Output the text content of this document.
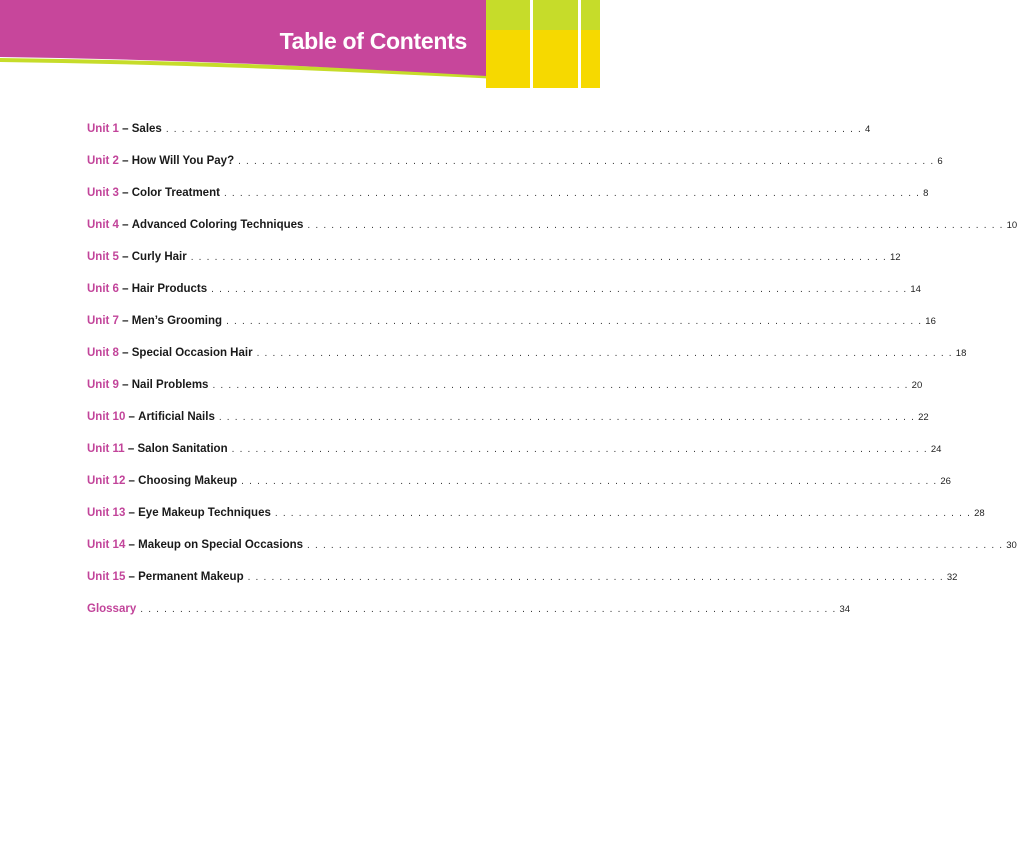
Table of Contents
Unit 1 – Sales . . . . . . . . . . . . . . . . . . . . . . . . . . . . . . . . . . . . . . . . . . . . . . . . . . . . . . . . . . . . . . . . . . . . . . . . . . . . . . . . . . . . . . . . 4
Unit 2 – How Will You Pay? . . . . . . . . . . . . . . . . . . . . . . . . . . . . . . . . . . . . . . . . . . . . . . . . . . . . . . . . . . . . . . . . . . . . . . . . . . . . . . . . . . . . . . . . 6
Unit 3 – Color Treatment . . . . . . . . . . . . . . . . . . . . . . . . . . . . . . . . . . . . . . . . . . . . . . . . . . . . . . . . . . . . . . . . . . . . . . . . . . . . . . . . . . . . . . . . 8
Unit 4 – Advanced Coloring Techniques . . . . . . . . . . . . . . . . . . . . . . . . . . . . . . . . . . . . . . . . . . . . . . . . . . . . . . . . . . . . . . . . . . . . . . . . . . . . . . . . . . . . . . . . 10
Unit 5 – Curly Hair . . . . . . . . . . . . . . . . . . . . . . . . . . . . . . . . . . . . . . . . . . . . . . . . . . . . . . . . . . . . . . . . . . . . . . . . . . . . . . . . . . . . . . . . 12
Unit 6 – Hair Products . . . . . . . . . . . . . . . . . . . . . . . . . . . . . . . . . . . . . . . . . . . . . . . . . . . . . . . . . . . . . . . . . . . . . . . . . . . . . . . . . . . . . . . . 14
Unit 7 – Men’s Grooming . . . . . . . . . . . . . . . . . . . . . . . . . . . . . . . . . . . . . . . . . . . . . . . . . . . . . . . . . . . . . . . . . . . . . . . . . . . . . . . . . . . . . . . . 16
Unit 8 – Special Occasion Hair . . . . . . . . . . . . . . . . . . . . . . . . . . . . . . . . . . . . . . . . . . . . . . . . . . . . . . . . . . . . . . . . . . . . . . . . . . . . . . . . . . . . . . . . 18
Unit 9 – Nail Problems . . . . . . . . . . . . . . . . . . . . . . . . . . . . . . . . . . . . . . . . . . . . . . . . . . . . . . . . . . . . . . . . . . . . . . . . . . . . . . . . . . . . . . . . 20
Unit 10 – Artificial Nails . . . . . . . . . . . . . . . . . . . . . . . . . . . . . . . . . . . . . . . . . . . . . . . . . . . . . . . . . . . . . . . . . . . . . . . . . . . . . . . . . . . . . . . . 22
Unit 11 – Salon Sanitation . . . . . . . . . . . . . . . . . . . . . . . . . . . . . . . . . . . . . . . . . . . . . . . . . . . . . . . . . . . . . . . . . . . . . . . . . . . . . . . . . . . . . . . . 24
Unit 12 – Choosing Makeup . . . . . . . . . . . . . . . . . . . . . . . . . . . . . . . . . . . . . . . . . . . . . . . . . . . . . . . . . . . . . . . . . . . . . . . . . . . . . . . . . . . . . . . . 26
Unit 13 – Eye Makeup Techniques . . . . . . . . . . . . . . . . . . . . . . . . . . . . . . . . . . . . . . . . . . . . . . . . . . . . . . . . . . . . . . . . . . . . . . . . . . . . . . . . . . . . . . . . 28
Unit 14 – Makeup on Special Occasions . . . . . . . . . . . . . . . . . . . . . . . . . . . . . . . . . . . . . . . . . . . . . . . . . . . . . . . . . . . . . . . . . . . . . . . . . . . . . . . . . . . . . . . . 30
Unit 15 – Permanent Makeup . . . . . . . . . . . . . . . . . . . . . . . . . . . . . . . . . . . . . . . . . . . . . . . . . . . . . . . . . . . . . . . . . . . . . . . . . . . . . . . . . . . . . . . . 32
Glossary . . . . . . . . . . . . . . . . . . . . . . . . . . . . . . . . . . . . . . . . . . . . . . . . . . . . . . . . . . . . . . . . . . . . . . . . . . . . . . . . . . . . . . . . 34
